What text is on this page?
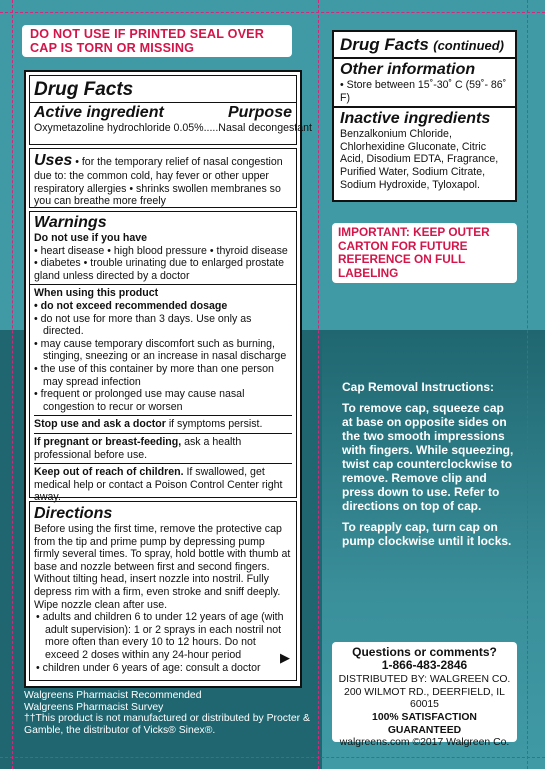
DO NOT USE IF PRINTED SEAL OVER CAP IS TORN OR MISSING
Drug Facts
Active ingredient	Purpose
Oxymetazoline hydrochloride 0.05%.....Nasal decongestant
Uses • for the temporary relief of nasal congestion due to: the common cold, hay fever or other upper respiratory allergies • shrinks swollen membranes so you can breathe more freely
Warnings
Do not use if you have
• heart disease • high blood pressure • thyroid disease
• diabetes • trouble urinating due to enlarged prostate gland unless directed by a doctor
When using this product
• do not exceed recommended dosage
• do not use for more than 3 days. Use only as directed.
• may cause temporary discomfort such as burning, stinging, sneezing or an increase in nasal discharge
• the use of this container by more than one person may spread infection
• frequent or prolonged use may cause nasal congestion to recur or worsen
Stop use and ask a doctor if symptoms persist.
If pregnant or breast-feeding, ask a health professional before use.
Keep out of reach of children. If swallowed, get medical help or contact a Poison Control Center right away.
Directions
Before using the first time, remove the protective cap from the tip and prime pump by depressing pump firmly several times. To spray, hold bottle with thumb at base and nozzle between first and second fingers. Without tilting head, insert nozzle into nostril. Fully depress rim with a firm, even stroke and sniff deeply. Wipe nozzle clean after use.
• adults and children 6 to under 12 years of age (with adult supervision): 1 or 2 sprays in each nostril not more often than every 10 to 12 hours. Do not exceed 2 doses within any 24-hour period
• children under 6 years of age: consult a doctor
▶
Drug Facts (continued)
Other information
• Store between 15˚-30˚ C (59˚- 86˚ F)
Inactive ingredients
Benzalkonium Chloride, Chlorhexidine Gluconate, Citric Acid, Disodium EDTA, Fragrance, Purified Water, Sodium Citrate, Sodium Hydroxide, Tyloxapol.
IMPORTANT: KEEP OUTER CARTON FOR FUTURE REFERENCE ON FULL LABELING

Cap Removal Instructions:

To remove cap, squeeze cap at base on opposite sides on the two smooth impressions with fingers. While squeezing, twist cap counterclockwise to remove. Remove clip and press down to use. Refer to directions on top of cap.

To reapply cap, turn cap on pump clockwise until it locks.

Questions or comments?
1-866-483-2846
DISTRIBUTED BY: WALGREEN CO.
200 WILMOT RD., DEERFIELD, IL 60015
100% SATISFACTION GUARANTEED
walgreens.com ©2017 Walgreen Co.
Walgreens Pharmacist Recommended
Walgreens Pharmacist Survey
††This product is not manufactured or distributed by Procter & Gamble, the distributor of Vicks® Sinex®.
